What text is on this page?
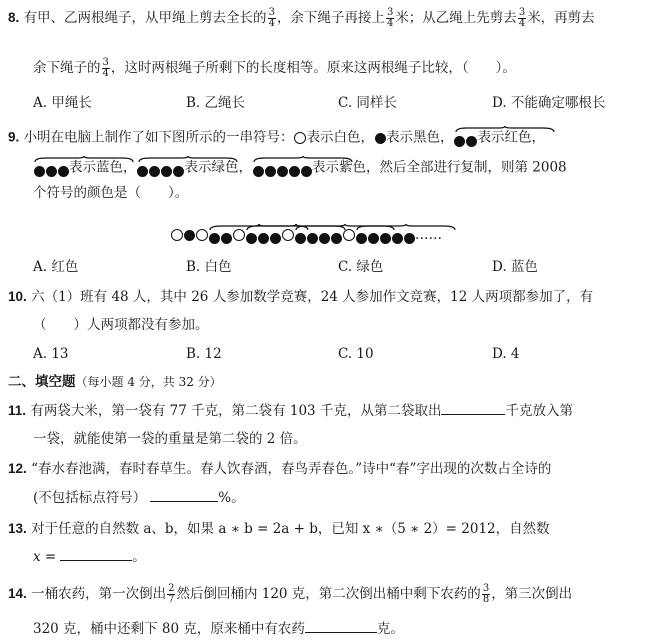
8. 有甲、乙两根绳子，从甲绳上剪去全长的 $\frac{3}{4}$ ，余下绳子再接上 $\frac{3}{4}$ 米；从乙绳上先剪去 $\frac{3}{4}$ 米，再剪去
余下绳子的 $\frac{3}{4}$ ，这时两根绳子所剩下的长度相等。原来这两根绳子比较，（　　）。
A. 甲绳长	B. 乙绳长	C. 同样长	D. 不能确定哪根长
9. 小明在电脑上制作了如下图所示的一串符号： 表示白色， 表示黑色， 表示红色，
表示蓝色，	表示绿色，	表示紫色，然后全部进行复制，则第 2008
个符号的颜色是（　　）。
……
A. 红色	B. 白色	C. 绿色	D. 蓝色
10. 六（1）班有 48 人，其中 26 人参加数学竞赛，24 人参加作文竞赛，12 人两项都参加了，有
（　　）人两项都没有参加。
A. 13	B. 12	C. 10	D. 4
二、填空题（每小题 4 分，共 32 分）
11. 有两袋大米，第一袋有 77 千克，第二袋有 103 千克，从第二袋取出	千克放入第
一袋，就能使第一袋的重量是第二袋的 2 倍。
12. “春水春池满，春时春草生。春人饮春酒，春鸟弄春色。”诗中“春”字出现的次数占全诗的
(不包括标点符号）	%。
13. 对于任意的自然数 a、b，如果 a ∗ b = 2a + b，已知 x ∗（5 ∗ 2）= 2012，自然数
x =	。
14. 一桶农药，第一次倒出 $\frac{2}{7}$ 然后倒回桶内 120 克，第二次倒出桶中剩下农药的 $\frac{3}{8}$ ，第三次倒出
320 克，桶中还剩下 80 克，原来桶中有农药	克。
